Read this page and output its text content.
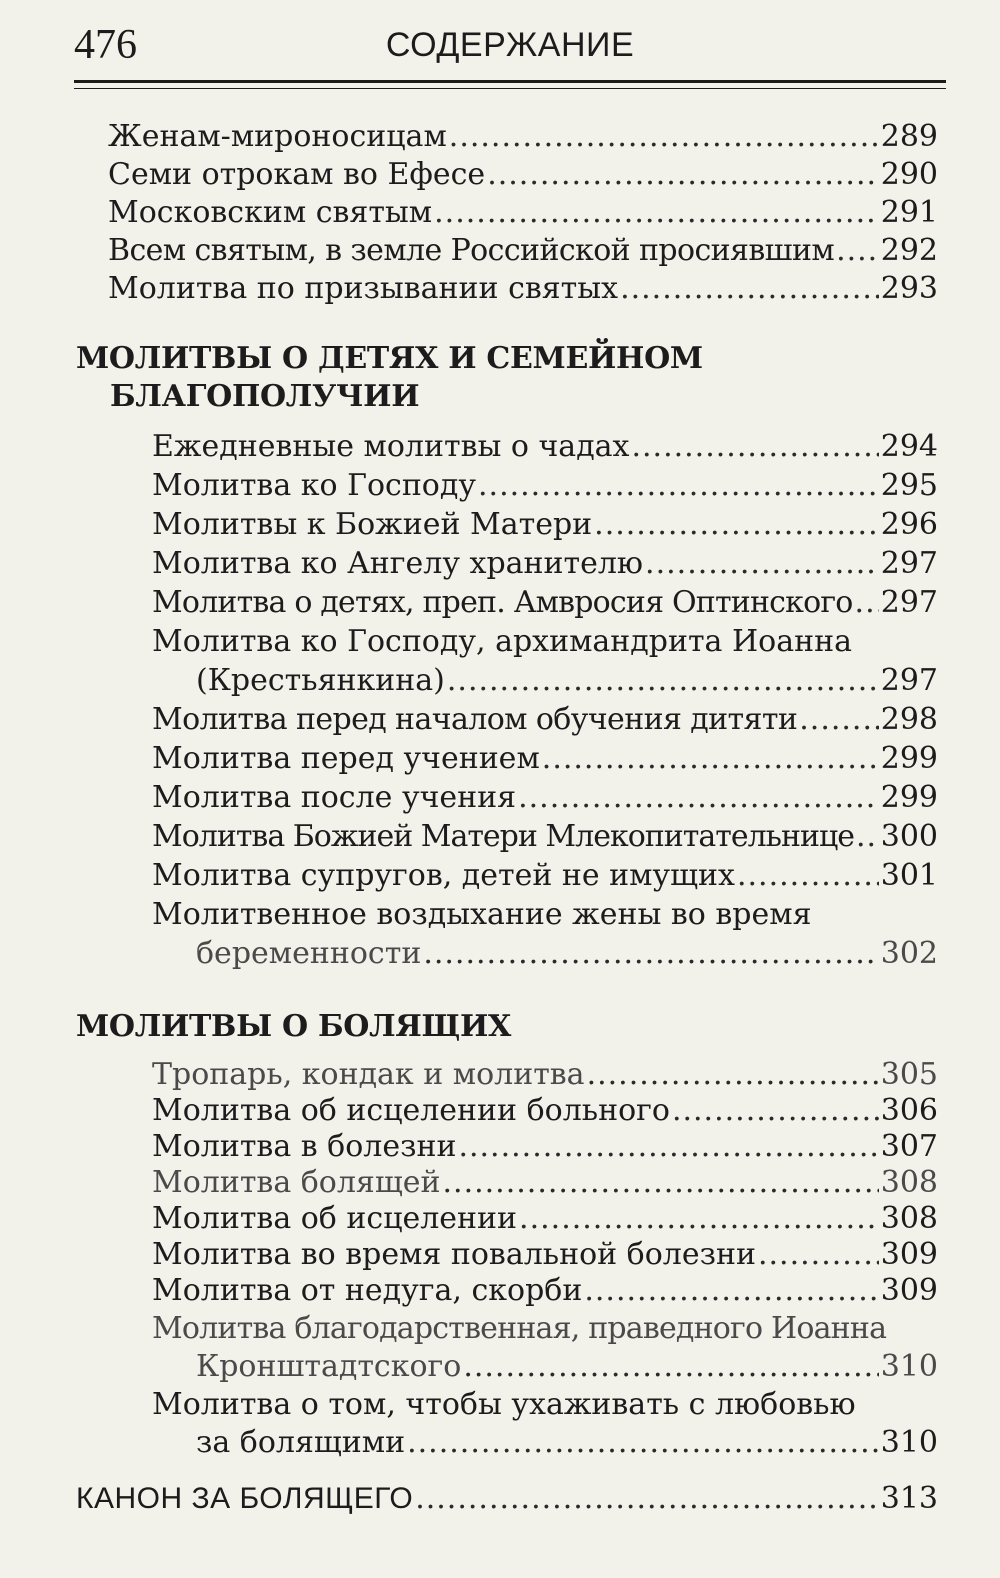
476	СОДЕРЖАНИЕ
Женам-мироносицам .....	289
Семи отрокам во Ефесе .....	290
Московским святым .....	291
Всем святым, в земле Российской просиявшим ..... 292
Молитва по призывании святых .....	293
МОЛИТВЫ О ДЕТЯХ И СЕМЕЙНОМ
БЛАГОПОЛУЧИИ
Ежедневные молитвы о чадах .....	294
Молитва ко Господу .....	295
Молитвы к Божией Матери .....	296
Молитва ко Ангелу хранителю .....	297
Молитва о детях, преп. Амвросия Оптинского ..... 297
Молитва ко Господу, архимандрита Иоанна
(Крестьянкина) .....	297
Молитва перед началом обучения дитяти .....	298
Молитва перед учением .....	299
Молитва после учения .....	299
Молитва Божией Матери Млекопитательнице ..... 300
Молитва супругов, детей не имущих .....	301
Молитвенное воздыхание жены во время
беременности .....	302
МОЛИТВЫ О БОЛЯЩИХ
Тропарь, кондак и молитва .....	305
Молитва об исцелении больного .....	306
Молитва в болезни .....	307
Молитва болящей .....	308
Молитва об исцелении .....	308
Молитва во время повальной болезни .....	309
Молитва от недуга, скорби .....	309
Молитва благодарственная, праведного Иоанна
Кронштадтского .....	310
Молитва о том, чтобы ухаживать с любовью
за болящими .....	310
КАНОН ЗА БОЛЯЩЕГО .....	313
